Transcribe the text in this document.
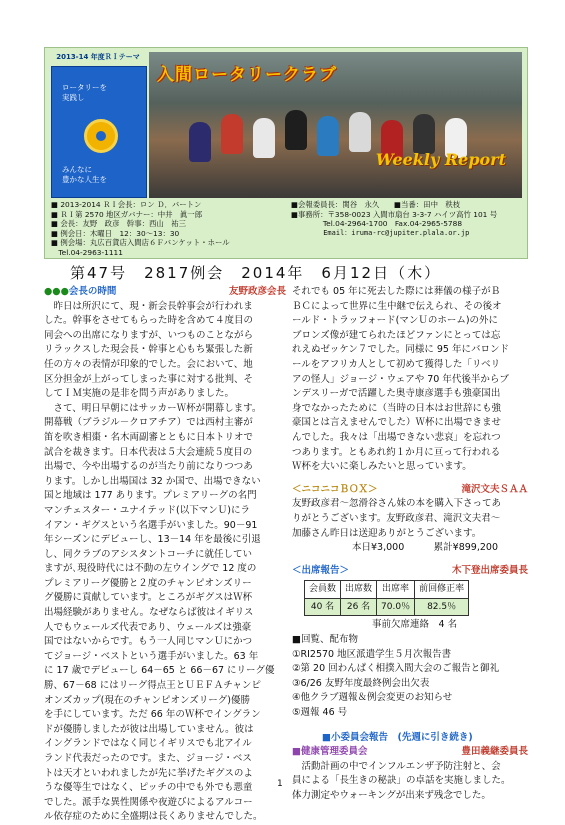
2013-14 年度ＲＩテーマ
ロータリーを
実践し
みんなに
豊かな人生を
入間ロータリークラブ
Weekly Report
■ 2013-2014 ＲＩ会長：ロン Ｄ．バートン
■ ＲＩ第 2570 地区ガバナー：中井　眞一郎
■ 会長：友野　政彦　幹事：西山　祐三
■ 例会日：木曜日　12：30～13：30
■ 例会場：丸広百貨店入間店６Ｆバンケット・ホール
　Tel.04-2963-1111
■会報委員長：関谷　永久　　■当番：田中　秩枝
■事務所：〒358-0023 入間市扇台 3-3-7 ハイツ高竹 101 号
　　　　 Tel.04-2964-1700　Fax.04-2965-5788
　　　　 Email：iruma-rc@jupiter.plala.or.jp
第47号　2817例会　2014年　6月12日（木）
●●●会長の時間	友野政彦会長
　昨日は所沢にて、現・新会長幹事会が行われま
した。幹事をさせてもらった時を含めて４度目の
同会への出席になりますが、いつものことながら
リラックスした現会長・幹事と心もち緊張した新
任の方々の表情が印象的でした。会において、地
区分担金が上がってしまった事に対する批判、そ
してＩＭ実施の是非を問う声がありました。
　さて、明日早朝にはサッカーＷ杯が開幕します。
開幕戦（ブラジル－クロアチア）では西村主審が
笛を吹き相棗・名木両副審とともに日本トリオで
試合を裁きます。日本代表は５大会連続５度目の
出場で、今や出場するのが当たり前になりつつあ
ります。しかし出場国は 32 か国で、出場できない
国と地域は 177 あります。プレミアリーグの名門
マンチェスター・ユナイテッド(以下マンＵ)にラ
イアン・ギグスという名選手がいました。90－91
年シーズンにデビューし、13－14 年を最後に引退
し、同クラブのアシスタントコーチに就任してい
ますが､現役時代には不動の左ウイングで 12 度の
プレミアリーグ優勝と２度のチャンピオンズリー
グ優勝に貢献しています。ところがギグスはＷ杯
出場経験がありません。なぜならば彼はイギリス
人でもウェールズ代表であり、ウェールズは強豪
国ではないからです。もう一人同じマンＵにかつ
てジョージ・ベストという選手がいました。63 年
に 17 歳でデビューし 64－65 と 66－67 にリーグ優
勝、67－68 にはリーグ得点王とＵＥＦＡチャンピ
オンズカップ(現在のチャンピオンズリーグ)優勝
を手にしています。ただ 66 年のＷ杯でイングラン
ドが優勝しましたが彼は出場していません。彼は
イングランドではなく同じイギリスでも北アイル
ランド代表だったのです。また、ジョージ・ベス
トは天才といわれましたが先に挙げたギグスのよ
うな優等生ではなく、ピッチの中でも外でも悪童
でした。派手な異性関係や夜遊びによるアルコー
ル依存症のために全盛期は長くありませんでした。
それでも 05 年に死去した際には葬儀の様子がＢ
ＢＣによって世界に生中継で伝えられ、その後オ
ールド・トラッフォード(マンＵのホーム)の外に
ブロンズ像が建てられたほどファンにとっては忘
れえぬゼッケン７でした。同様に 95 年にバロンド
ールをアフリカ人として初めて獲得した「リベリ
アの怪人」ジョージ・ウェアや 70 年代後半からブ
ンデスリーガで活躍した奥寺康彦選手も強豪国出
身でなかったために（当時の日本はお世辞にも強
豪国とは言えませんでした）Ｗ杯に出場できませ
んでした。我々は「出場できない悲哀」を忘れつ
つあります。ともあれ約１か月に亘って行われる
Ｗ杯を大いに楽しみたいと思っています。
＜ニコニコＢＯＸ＞	滝沢文夫ＳＡＡ
友野政彦君～忽滑谷さん妹の本を購入下さってあ
りがとうございます。友野政彦君、滝沢文夫君～
加藤さん昨日は送迎ありがとうございます。
本日¥3,000	累計¥899,200
＜出席報告＞	木下登出席委員長
会員数	出席数	出席率	前回修正率
40 名	26 名	70.0％	82.5％
事前欠席連絡　4 名
■回覧、配布物
①RI2570 地区派遣学生５月次報告書
②第 20 回わんぱく相撲入間大会のご報告と御礼
③6/26 友野年度最終例会出欠表
④他クラブ週報＆例会変更のお知らせ
⑤週報 46 号
■小委員会報告　(先週に引き続き)
■健康管理委員会	豊田義継委員長
　活動計画の中でインフルエンザ予防注射と、会
員による「長生きの秘訣」の卓話を実施しました。
体力測定やウォーキングが出来ず残念でした。
1
